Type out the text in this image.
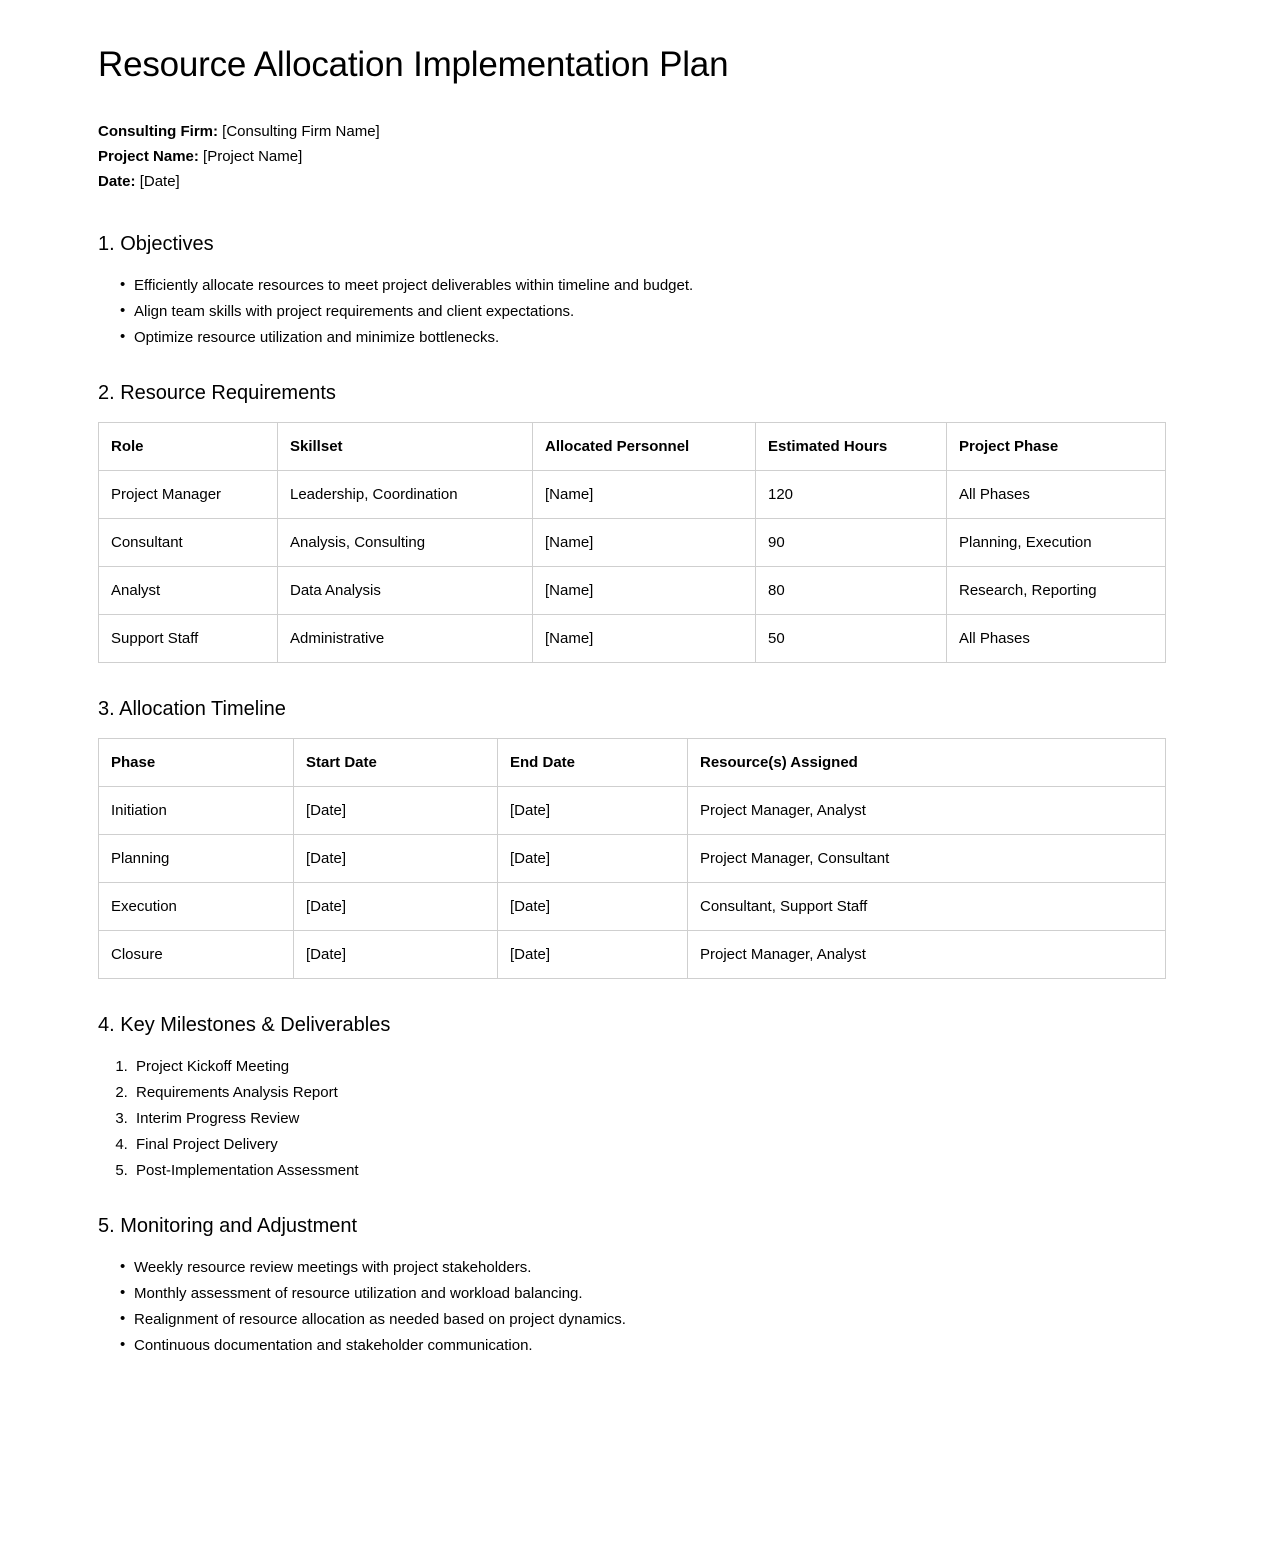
Resource Allocation Implementation Plan
Consulting Firm: [Consulting Firm Name]
Project Name: [Project Name]
Date: [Date]
1. Objectives
• Efficiently allocate resources to meet project deliverables within timeline and budget.
• Align team skills with project requirements and client expectations.
• Optimize resource utilization and minimize bottlenecks.
2. Resource Requirements
Role	Skillset	Allocated Personnel	Estimated Hours	Project Phase
Project Manager	Leadership, Coordination	[Name]	120	All Phases
Consultant	Analysis, Consulting	[Name]	90	Planning, Execution
Analyst	Data Analysis	[Name]	80	Research, Reporting
Support Staff	Administrative	[Name]	50	All Phases
3. Allocation Timeline
Phase	Start Date	End Date	Resource(s) Assigned
Initiation	[Date]	[Date]	Project Manager, Analyst
Planning	[Date]	[Date]	Project Manager, Consultant
Execution	[Date]	[Date]	Consultant, Support Staff
Closure	[Date]	[Date]	Project Manager, Analyst
4. Key Milestones & Deliverables
1. Project Kickoff Meeting
2. Requirements Analysis Report
3. Interim Progress Review
4. Final Project Delivery
5. Post-Implementation Assessment
5. Monitoring and Adjustment
• Weekly resource review meetings with project stakeholders.
• Monthly assessment of resource utilization and workload balancing.
• Realignment of resource allocation as needed based on project dynamics.
• Continuous documentation and stakeholder communication.
